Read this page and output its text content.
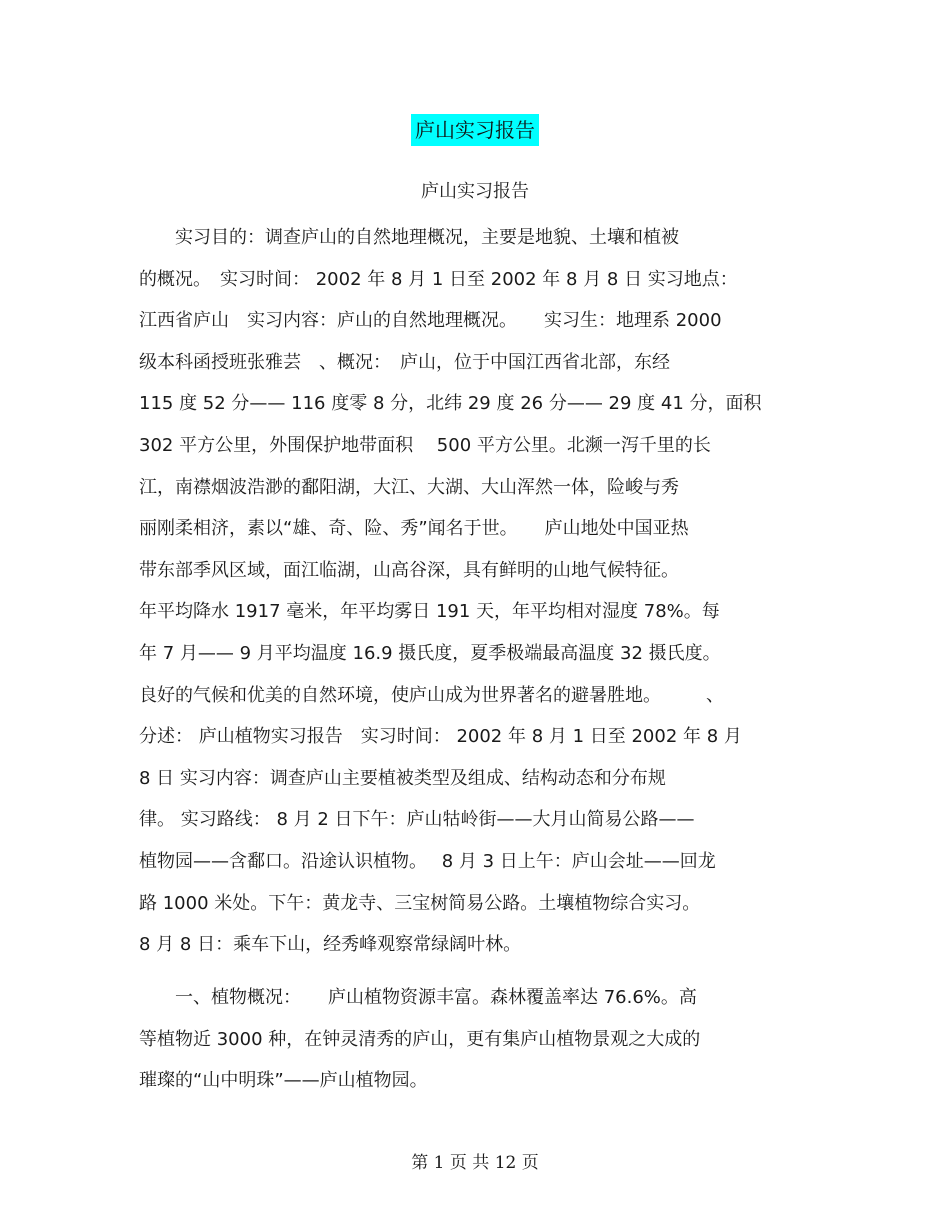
庐山实习报告
庐山实习报告
　　实习目的：调查庐山的自然地理概况，主要是地貌、土壤和植被
的概况。　实习时间： 2002 年 8 月 1 日至 2002 年 8 月 8 日 实习地点：
江西省庐山　实习内容：庐山的自然地理概况。　　实习生：地理系 2000
级本科函授班张雅芸　、概况：　庐山，位于中国江西省北部，东经
115 度 52 分—— 116 度零 8 分，北纬 29 度 26 分—— 29 度 41 分，面积
302 平方公里，外围保护地带面积　 500 平方公里。北濒一泻千里的长
江，南襟烟波浩渺的鄱阳湖，大江、大湖、大山浑然一体，险峻与秀
丽刚柔相济，素以“雄、奇、险、秀”闻名于世。　　庐山地处中国亚热
带东部季风区域，面江临湖，山高谷深，具有鲜明的山地气候特征。
年平均降水 1917 毫米，年平均雾日 191 天，年平均相对湿度 78%。每
年 7 月—— 9 月平均温度 16.9 摄氏度，夏季极端最高温度 32 摄氏度。
良好的气候和优美的自然环境，使庐山成为世界著名的避暑胜地。　　　、
分述： 庐山植物实习报告　实习时间： 2002 年 8 月 1 日至 2002 年 8 月
8 日 实习内容：调查庐山主要植被类型及组成、结构动态和分布规
律。 实习路线： 8 月 2 日下午：庐山牯岭街——大月山简易公路——
植物园——含鄱口。沿途认识植物。　 8 月 3 日上午：庐山会址——回龙
路 1000 米处。下午：黄龙寺、三宝树简易公路。土壤植物综合实习。
8 月 8 日：乘车下山，经秀峰观察常绿阔叶林。
　　一、植物概况：　　庐山植物资源丰富。森林覆盖率达 76.6%。高
等植物近 3000 种，在钟灵清秀的庐山，更有集庐山植物景观之大成的
璀璨的“山中明珠”——庐山植物园。
第 1 页 共 12 页
